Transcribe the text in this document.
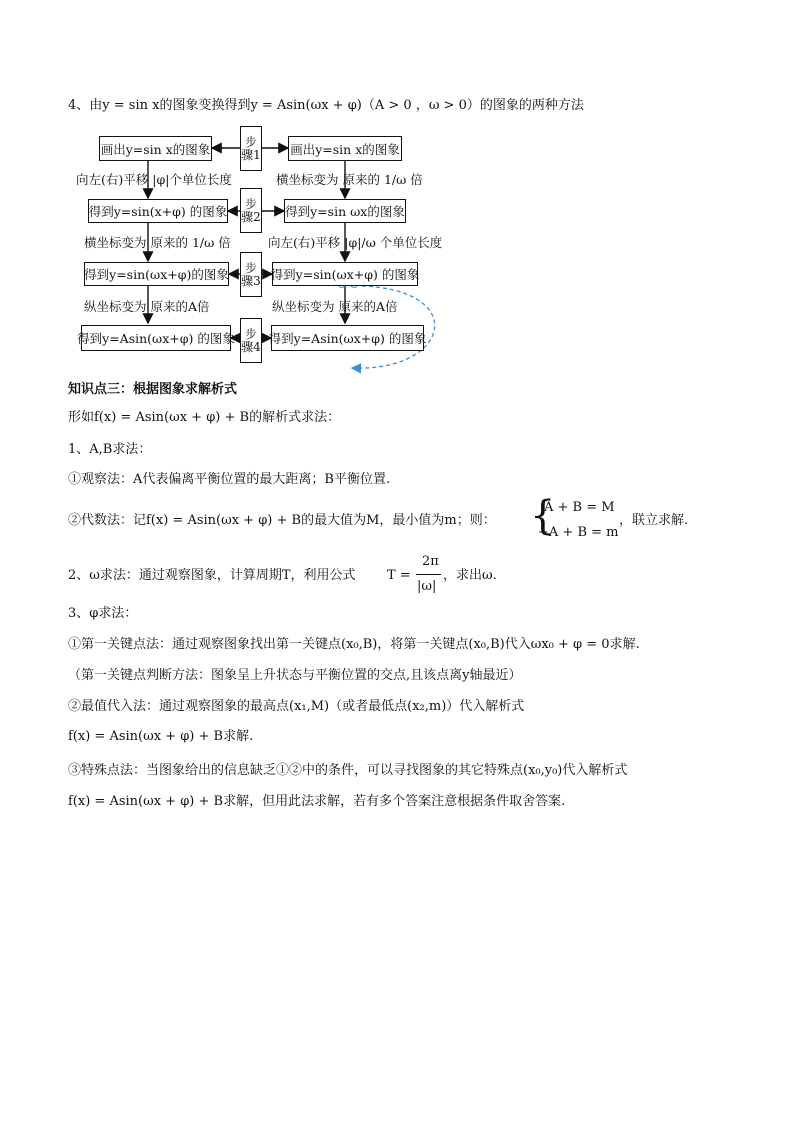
4、由y = sin x的图象变换得到y = Asin(ωx + φ)（A > 0 ，ω > 0）的图象的两种方法
画出y=sin x的图象
向左(右)平移 |φ|个单位长度
得到y=sin(x+φ) 的图象
横坐标变为 原来的 1/ω 倍
得到y=sin(ωx+φ)的图象
纵坐标变为 原来的A倍
得到y=Asin(ωx+φ) 的图象
画出y=sin x的图象
横坐标变为 原来的 1/ω 倍
得到y=sin ωx的图象
向左(右)平移 |φ|/ω 个单位长度
得到y=sin(ωx+φ) 的图象
纵坐标变为 原来的A倍
得到y=Asin(ωx+φ) 的图象
步骤1
步骤2
步骤3
步骤4
知识点三：根据图象求解析式
形如f(x) = Asin(ωx + φ) + B的解析式求法：
1、A,B求法：
①观察法：A代表偏离平衡位置的最大距离；B平衡位置.
②代数法：记f(x) = Asin(ωx + φ) + B的最大值为M，最小值为m；则： {
A + B = M
−A + B = m
，联立求解.
2、ω求法：通过观察图象，计算周期T，利用公式 T =
2π
|ω|
，求出ω.
3、φ求法：
①第一关键点法：通过观察图象找出第一关键点(x₀,B)，将第一关键点(x₀,B)代入ωx₀ + φ = 0求解.
（第一关键点判断方法：图象呈上升状态与平衡位置的交点,且该点离y轴最近）
②最值代入法：通过观察图象的最高点(x₁,M)（或者最低点(x₂,m)）代入解析式
f(x) = Asin(ωx + φ) + B求解.
③特殊点法：当图象给出的信息缺乏①②中的条件，可以寻找图象的其它特殊点(x₀,y₀)代入解析式
f(x) = Asin(ωx + φ) + B求解，但用此法求解，若有多个答案注意根据条件取舍答案.
